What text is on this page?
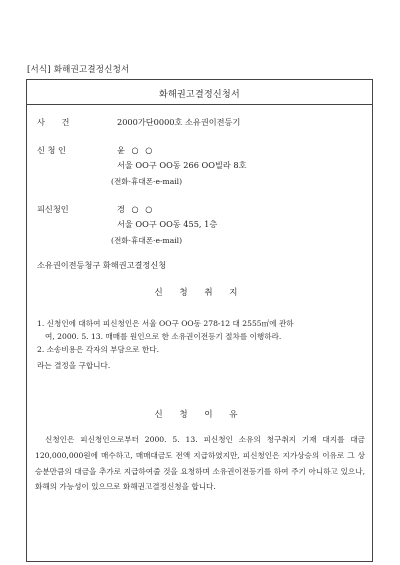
[서식] 화해권고결정신청서
화해권고결정신청서
사 건	2000가단0000호 소유권이전등기
신 청 인	윤 ○ ○
서울 OO구 OO동 266 OO빌라 8호
(전화·휴대폰·e-mail)
피신청인	경 ○ ○
서울 OO구 OO동 455, 1층
(전화·휴대폰·e-mail)
소유권이전등청구 화해권고결정신청
신 청 취 지
1. 신청인에 대하여 피신청인은 서울 OO구 OO동 278-12 대 2555㎡에 관하
여, 2000. 5. 13. 매매를 원인으로 한 소유권이전등기 절차를 이행하라.
2. 소송비용은 각자의 부담으로 한다.
라는 결정을 구합니다.
신 청 이 유
신청인은 피신청인으로부터 2000. 5. 13. 피신청인 소유의 청구취지 기재 대지를 대금 120,000,000원에 매수하고, 매매대금도 전액 지급하였지만, 피신청인은 지가상승의 이유로 그 상승분만큼의 대금을 추가로 지급하여줄 것을 요청하며 소유권이전등기를 하여 주기 아니하고 있으나, 화해의 가능성이 있으므로 화해권고결정신청을 합니다.
